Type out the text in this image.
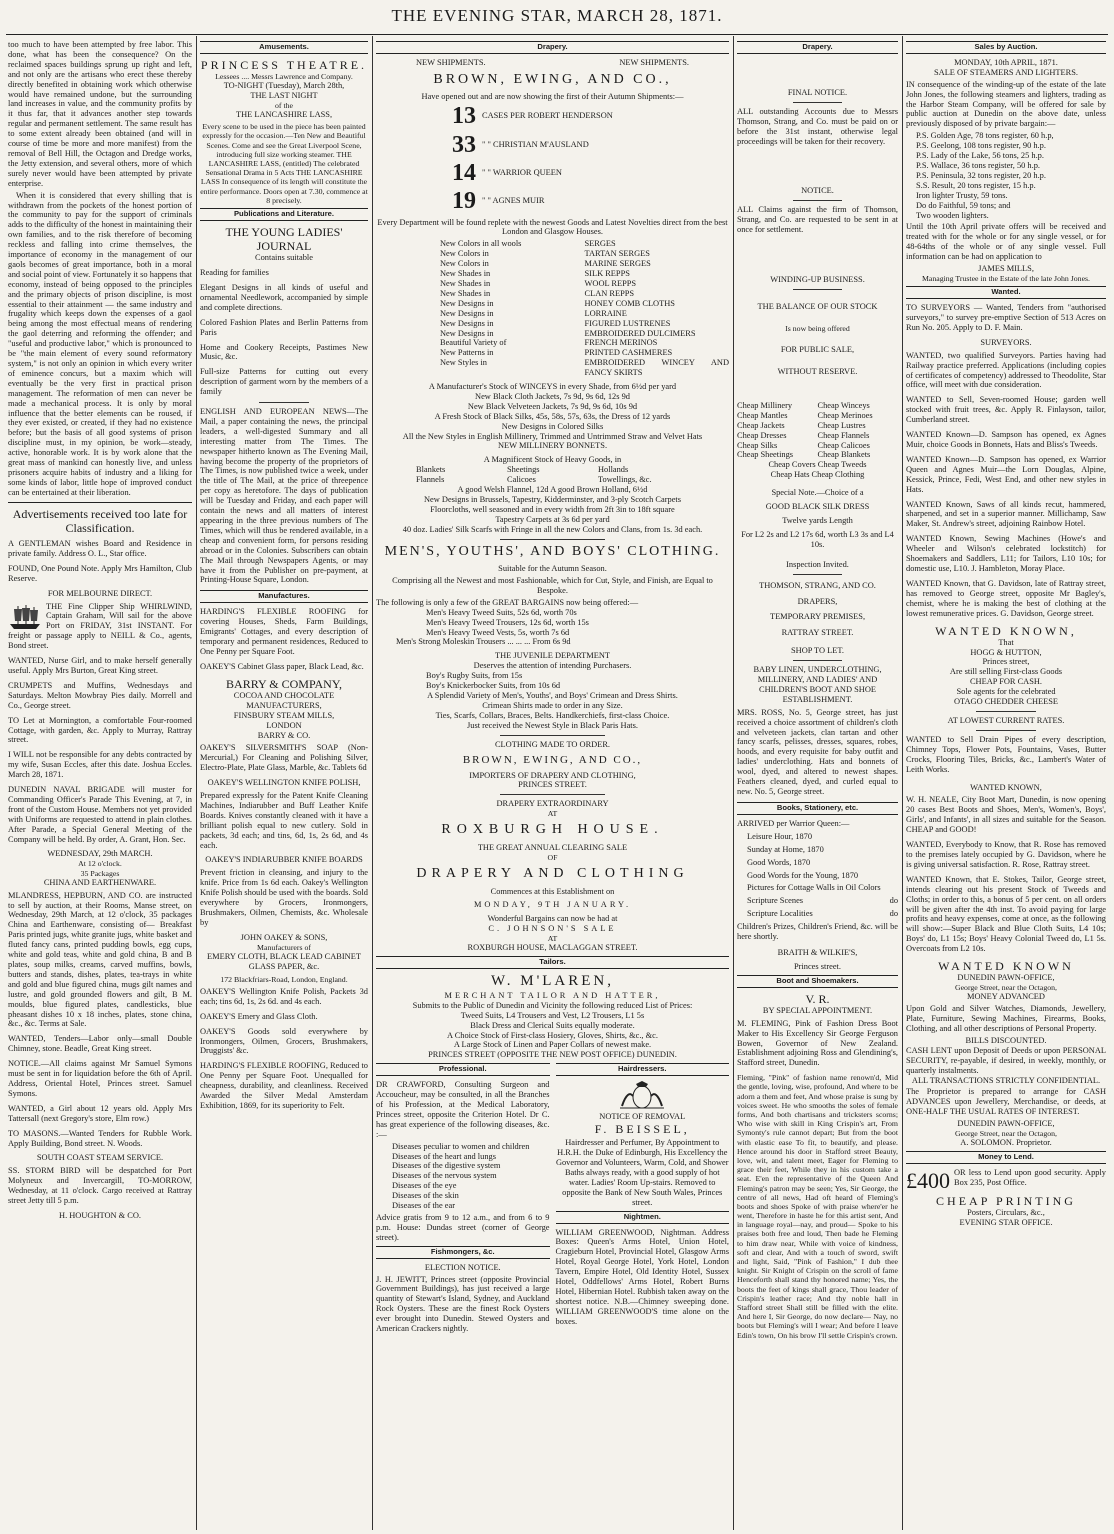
THE EVENING STAR, MARCH 28, 1871.

too much to have been attempted by free labor. This done, what has been the consequence? On the reclaimed spaces buildings sprung up right and left, and not only are the artisans who erect these thereby directly benefited in obtaining work which otherwise would have remained undone, but the surrounding land increases in value, and the community profits by it thus far, that it advances another step towards regular and permanent settlement. The same result has to some extent already been obtained (and will in course of time be more and more manifest) from the removal of Bell Hill, the Octagon and Dredge works, the Jetty extension, and several others, more of which surely never would have been attempted by private enterprise.

When it is considered that every shilling that is withdrawn from the pockets of the honest portion of the community to pay for the support of criminals adds to the difficulty of the honest in maintaining their own families, and to the risk therefore of becoming reckless and falling into crime themselves, the importance of economy in the management of our gaols becomes of great importance, both in a moral and social point of view. Fortunately it so happens that economy, instead of being opposed to the principles and the primary objects of prison discipline, is most essential to their attainment — the same industry and frugality which keeps down the expenses of a gaol being among the most effectual means of rendering the gaol deterring and reforming the offender; and "useful and productive labor," which is pronounced to be "the main element of every sound reformatory system," is not only an opinion in which every writer of eminence concurs, but a maxim which will eventually be the very first in practical prison management. The reformation of men can never be made a mechanical process. It is only by moral influence that the better elements can be roused, if they ever existed, or created, if they had no existence before; but the basis of all good systems of prison discipline must, in my opinion, be work—steady, active, honorable work. It is by work alone that the great mass of mankind can honestly live, and unless prisoners acquire habits of industry and a liking for some kinds of labor, little hope of improved conduct can be entertained at their liberation.

Advertisements received too late for Classification.

A GENTLEMAN wishes Board and Residence in private family. Address O. L., Star office.

FOUND, One Pound Note. Apply Mrs Hamilton, Club Reserve.

FOR MELBOURNE DIRECT.
THE Fine Clipper Ship WHIRLWIND, Captain Graham, Will sail for the above Port on FRIDAY, 31st INSTANT. For freight or passage apply to NEILL & Co., agents, Bond street.

WANTED, Nurse Girl, and to make herself generally useful. Apply Mrs Burton, Great King street.

CRUMPETS and Muffins, Wednesdays and Saturdays. Melton Mowbray Pies daily. Morrell and Co., George street.

TO Let at Mornington, a comfortable Four-roomed Cottage, with garden, &c. Apply to Murray, Rattray street.

I WILL not be responsible for any debts contracted by my wife, Susan Eccles, after this date. Joshua Eccles. March 28, 1871.

DUNEDIN NAVAL BRIGADE will muster for Commanding Officer's Parade This Evening, at 7, in front of the Custom House. Members not yet provided with Uniforms are requested to attend in plain clothes. After Parade, a Special General Meeting of the Company will be held. By order, A. Grant, Hon. Sec.

WEDNESDAY, 29th MARCH.
At 12 o'clock.
35 Packages
CHINA AND EARTHENWARE.

MLANDRESS, HEPBURN, AND CO. are instructed to sell by auction, at their Rooms, Manse street, on Wednesday, 29th March, at 12 o'clock, 35 packages China and Earthenware, consisting of— Breakfast Paris printed jugs, white granite jugs, white basket and fluted fancy cans, printed pudding bowls, egg cups, white and gold teas, white and gold china, B and B plates, soup milks, creams, carved muffins, bowls, butters and stands, dishes, plates, tea-trays in white and gold and blue figured china, mugs gilt names and lustre, and gold grounded flowers and gilt, B M. moulds, blue figured plates, candlesticks, blue pheasant dishes 10 x 18 inches, plates, stone china, &c., &c. Terms at Sale.

WANTED, Tenders—Labor only—small Double Chimney, stone. Beadle, Great King street.

NOTICE.—All claims against Mr Samuel Symons must be sent in for liquidation before the 6th of April. Address, Oriental Hotel, Princes street. Samuel Symons.

WANTED, a Girl about 12 years old. Apply Mrs Tattersall (next Gregory's store, Elm row.)

TO MASONS.—Wanted Tenders for Rubble Work. Apply Building, Bond street. N. Woods.

SOUTH COAST STEAM SERVICE.

SS. STORM BIRD will be despatched for Port Molyneux and Invercargill, TO-MORROW, Wednesday, at 11 o'clock. Cargo received at Rattray street Jetty till 5 p.m.

H. HOUGHTON & CO.
Amusements.
PRINCESS THEATRE.
Lessees .... Messrs Lawrence and Company.
TO-NIGHT (Tuesday), March 28th,
THE LAST NIGHT
of the
THE LANCASHIRE LASS,

Every scene to be used in the piece has been painted expressly for the occasion.—Ten New and Beautiful Scenes. Come and see the Great Liverpool Scene, introducing full size working steamer. THE LANCASHIRE LASS, (entitled) The celebrated Sensational Drama in 5 Acts THE LANCASHIRE LASS In consequence of its length will constitute the entire performance. Doors open at 7.30, commence at 8 precisely.

Publications and Literature.
THE YOUNG LADIES' JOURNAL
Contains suitable

Reading for families

Elegant Designs in all kinds of useful and ornamental Needlework, accompanied by simple and complete directions.

Colored Fashion Plates and Berlin Patterns from Paris

Home and Cookery Receipts, Pastimes New Music, &c.

Full-size Patterns for cutting out every description of garment worn by the members of a family

ENGLISH AND EUROPEAN NEWS—The Mail, a paper containing the news, the principal leaders, a well-digested Summary and all interesting matter from The Times. The newspaper hitherto known as The Evening Mail, having become the property of the proprietors of The Times, is now published twice a week, under the title of The Mail, at the price of threepence per copy as heretofore. The days of publication will be Tuesday and Friday, and each paper will contain the news and all matters of interest appearing in the three previous numbers of The Times, which will thus be rendered available, in a cheap and convenient form, for persons residing abroad or in the Colonies. Subscribers can obtain The Mail through Newspapers Agents, or may have it from the Publisher on pre-payment, at Printing-House Square, London.

Manufactures.

HARDING'S FLEXIBLE ROOFING for covering Houses, Sheds, Farm Buildings, Emigrants' Cottages, and every description of temporary and permanent residences, Reduced to One Penny per Square Foot.

OAKEY'S Cabinet Glass paper, Black Lead, &c.

BARRY & COMPANY,
COCOA AND CHOCOLATE
MANUFACTURERS,
FINSBURY STEAM MILLS,
LONDON
BARRY & CO.

OAKEY'S SILVERSMITH'S SOAP (Non-Mercurial,) For Cleaning and Polishing Silver, Electro-Plate, Plate Glass, Marble, &c. Tablets 6d

OAKEY'S WELLINGTON KNIFE POLISH,

Prepared expressly for the Patent Knife Cleaning Machines, Indiarubber and Buff Leather Knife Boards. Knives constantly cleaned with it have a brilliant polish equal to new cutlery. Sold in packets, 3d each; and tins, 6d, 1s, 2s 6d, and 4s each.

OAKEY'S INDIARUBBER KNIFE BOARDS

Prevent friction in cleansing, and injury to the knife. Price from 1s 6d each. Oakey's Wellington Knife Polish should be used with the boards. Sold everywhere by Grocers, Ironmongers, Brushmakers, Oilmen, Chemists, &c. Wholesale by

JOHN OAKEY & SONS,
Manufacturers of
EMERY CLOTH, BLACK LEAD CABINET GLASS PAPER, &c.
172 Blackfriars-Road, London, England.

OAKEY'S Wellington Knife Polish, Packets 3d each; tins 6d, 1s, 2s 6d. and 4s each.

OAKEY'S Emery and Glass Cloth.

OAKEY'S Goods sold everywhere by Ironmongers, Oilmen, Grocers, Brushmakers, Druggists' &c.

HARDING'S FLEXIBLE ROOFING, Reduced to One Penny per Square Foot. Unequalled for cheapness, durability, and cleanliness. Received Awarded the Silver Medal Amsterdam Exhibition, 1869, for its superiority to Felt.

Drapery.
NEW SHIPMENTS.	NEW SHIPMENTS.
BROWN, EWING, AND CO.,
Have opened out and are now showing the first of their Autumn Shipments:—
13 CASES PER ROBERT HENDERSON
33 " " CHRISTIAN M'AUSLAND
14 " " WARRIOR QUEEN
19 " " AGNES MUIR

Every Department will be found replete with the newest Goods and Latest Novelties direct from the best London and Glasgow Houses.

New Colors in all wools	SERGES
New Colors in	TARTAN SERGES
New Colors in	MARINE SERGES
New Shades in	SILK REPPS
New Shades in	WOOL REPPS
New Shades in	CLAN REPPS
New Designs in	HONEY COMB CLOTHS
New Designs in	LORRAINE
New Designs in	FIGURED LUSTRENES
New Designs in	EMBROIDERED DULCIMERS
Beautiful Variety of	FRENCH MERINOS
New Patterns in	PRINTED CASHMERES
New Styles in	EMBROIDERED WINCEY AND FANCY SKIRTS
A Manufacturer's Stock of WINCEYS in every Shade, from 6½d per yard
New Black Cloth Jackets, 7s 9d, 9s 6d, 12s 9d
New Black Velveteen Jackets, 7s 9d, 9s 6d, 10s 9d
A Fresh Stock of Black Silks, 45s, 58s, 57s, 63s, the Dress of 12 yards
New Designs in Colored Silks
All the New Styles in English Millinery, Trimmed and Untrimmed Straw and Velvet Hats
NEW MILLINERY BONNETS.
A Magnificent Stock of Heavy Goods, in
Blankets	Sheetings	Hollands
Flannels	Calicoes	Towellings, &c.
A good Welsh Flannel, 12d A good Brown Holland, 6½d
New Designs in Brussels, Tapestry, Kidderminster, and 3-ply Scotch Carpets
Floorcloths, well seasoned and in every width from 2ft 3in to 18ft square
Tapestry Carpets at 3s 6d per yard
40 doz. Ladies' Silk Scarfs with Fringe in all the new Colors and Clans, from 1s. 3d each.
MEN'S, YOUTHS', AND BOYS' CLOTHING.
Suitable for the Autumn Season.

Comprising all the Newest and most Fashionable, which for Cut, Style, and Finish, are Equal to Bespoke.

The following is only a few of the GREAT BARGAINS now being offered:—
Men's Heavy Tweed Suits, 52s 6d, worth 70s
Men's Heavy Tweed Trousers, 12s 6d, worth 15s
Men's Heavy Tweed Vests, 5s, worth 7s 6d
Men's Strong Moleskin Trousers ... ... ... From 6s 9d
THE JUVENILE DEPARTMENT
Deserves the attention of intending Purchasers.
Boy's Rugby Suits, from 15s
Boy's Knickerbocker Suits, from 10s 6d
A Splendid Variety of Men's, Youths', and Boys' Crimean and Dress Shirts.
Crimean Shirts made to order in any Size.
Ties, Scarfs, Collars, Braces, Belts. Handkerchiefs, first-class Choice.
Just received the Newest Style in Black Paris Hats.
CLOTHING MADE TO ORDER.
BROWN, EWING, AND CO.,
IMPORTERS OF DRAPERY AND CLOTHING,
PRINCES STREET.
DRAPERY EXTRAORDINARY
AT
ROXBURGH HOUSE.
THE GREAT ANNUAL CLEARING SALE
OF
DRAPERY AND CLOTHING
Commences at this Establishment on
MONDAY, 9TH JANUARY.
Wonderful Bargains can now be had at
C. JOHNSON'S SALE
AT
ROXBURGH HOUSE, MACLAGGAN STREET.
Tailors.
W. M'LAREN,
MERCHANT TAILOR AND HATTER,
Submits to the Public of Dunedin and Vicinity the following reduced List of Prices:
Tweed Suits, L4 Trousers and Vest, L2 Trousers, L1 5s
Black Dress and Clerical Suits equally moderate.
A Choice Stock of First-class Hosiery, Gloves, Shirts, &c., &c.
A Large Stock of Linen and Paper Collars of newest make.
PRINCES STREET (OPPOSITE THE NEW POST OFFICE) DUNEDIN.
Professional.

DR CRAWFORD, Consulting Surgeon and Accoucheur, may be consulted, in all the Branches of his Profession, at the Medical Laboratory, Princes street, opposite the Criterion Hotel. Dr C. has great experience of the following diseases, &c. :—

Diseases peculiar to women and children
Diseases of the heart and lungs
Diseases of the digestive system
Diseases of the nervous system
Diseases of the eye
Diseases of the skin
Diseases of the ear

Advice gratis from 9 to 12 a.m., and from 6 to 9 p.m. House: Dundas street (corner of George street).

Fishmongers, &c.
ELECTION NOTICE.

J. H. JEWITT, Princes street (opposite Provincial Government Buildings), has just received a large quantity of Stewart's Island, Sydney, and Auckland Rock Oysters. These are the finest Rock Oysters ever brought into Dunedin. Stewed Oysters and American Crackers nightly.

Hairdressers.
NOTICE OF REMOVAL
F. BEISSEL,

Hairdresser and Perfumer, By Appointment to H.R.H. the Duke of Edinburgh, His Excellency the Governor and Volunteers, Warm, Cold, and Shower Baths always ready, with a good supply of hot water. Ladies' Room Up-stairs. Removed to opposite the Bank of New South Wales, Princes street.

Nightmen.

WILLIAM GREENWOOD, Nightman. Address Boxes: Queen's Arms Hotel, Union Hotel, Cragieburn Hotel, Provincial Hotel, Glasgow Arms Hotel, Royal George Hotel, York Hotel, London Tavern, Empire Hotel, Old Identity Hotel, Sussex Hotel, Oddfellows' Arms Hotel, Robert Burns Hotel, Hibernian Hotel. Rubbish taken away on the shortest notice. N.B.—Chimney sweeping done. WILLIAM GREENWOOD'S time alone on the boxes.

Drapery.
FINAL NOTICE.

ALL outstanding Accounts due to Messrs Thomson, Strang, and Co. must be paid on or before the 31st instant, otherwise legal proceedings will be taken for their recovery.

NOTICE.

ALL Claims against the firm of Thomson, Strang, and Co. are requested to be sent in at once for settlement.

WINDING-UP BUSINESS.
THE BALANCE OF OUR STOCK
Is now being offered
FOR PUBLIC SALE,
WITHOUT RESERVE.
Cheap Millinery	Cheap Winceys
Cheap Mantles	Cheap Merinoes
Cheap Jackets	Cheap Lustres
Cheap Dresses	Cheap Flannels
Cheap Silks	Cheap Calicoes
Cheap Sheetings	Cheap Blankets
Cheap Covers Cheap Tweeds
Cheap Hats Cheap Clothing
Special Note.—Choice of a
GOOD BLACK SILK DRESS
Twelve yards Length
For L2 2s and L2 17s 6d, worth L3 3s and L4 10s.
Inspection Invited.
THOMSON, STRANG, AND CO.
DRAPERS,
TEMPORARY PREMISES,
RATTRAY STREET.
SHOP TO LET.
BABY LINEN, UNDERCLOTHING, MILLINERY, AND LADIES' AND CHILDREN'S BOOT AND SHOE ESTABLISHMENT.

MRS. ROSS, No. 5, George street, has just received a choice assortment of children's cloth and velveteen jackets, clan tartan and other fancy scarfs, pelisses, dresses, squares, robes, hoods, and every requisite for baby outfit and ladies' underclothing. Hats and bonnets of wool, dyed, and altered to newest shapes. Feathers cleaned, dyed, and curled equal to new. No. 5, George street.

Books, Stationery, etc.
ARRIVED per Warrior Queen:—
Leisure Hour, 1870
Sunday at Home, 1870
Good Words, 1870
Good Words for the Young, 1870
Pictures for Cottage Walls in Oil Colors
Scripture Scenes	do
Scripture Localities	do
Children's Prizes, Children's Friend, &c. will be here shortly.
BRAITH & WILKIE'S,
Princes street.
Boot and Shoemakers.
V. R.
BY SPECIAL APPOINTMENT.

M. FLEMING, Pink of Fashion Dress Boot Maker to His Excellency Sir George Ferguson Bowen, Governor of New Zealand. Establishment adjoining Ross and Glendining's, Stafford street, Dunedin.

Fleming, "Pink" of fashion name renown'd, Mid the gentle, loving, wise, profound, And where to be adorn a them and feet, And whose praise is sung by voices sweet. He who smooths the soles of female forms, And both chartisans and tricksters scorns; Who wise with skill in King Crispin's art, From Symonty's rule cannot depart; But from the boot with elastic ease To fit, to beautify, and please. Hence around his door in Stafford street Beauty, love, wit, and talent meet, Eager for Fleming to grace their feet, While they in his custom take a seat. E'en the representative of the Queen And Fleming's patron may be seen; Yes, Sir George, the centre of all news, Had oft heard of Fleming's boots and shoes Spoke of with praise where'er he went, Therefore in haste he for this artist sent, And in language royal—nay, and proud— Spoke to his praises both free and loud, Then bade he Fleming to him draw near, While with voice of kindness, soft and clear, And with a touch of sword, swift and light, Said, "Pink of Fashion," I dub thee knight. Sir Knight of Crispin on the scroll of fame Henceforth shall stand thy honored name; Yes, the boots the feet of kings shall grace, Thou leader of Crispin's leather race; And thy noble hall in Stafford street Shall still be filled with the elite. And here I, Sir George, do now declare— Nay, no boots but Fleming's will I wear; And before I leave Edin's town, On his brow I'll settle Crispin's crown.

Sales by Auction.
MONDAY, 10th APRIL, 1871.
SALE OF STEAMERS AND LIGHTERS.

IN consequence of the winding-up of the estate of the late John Jones, the following steamers and lighters, trading as the Harbor Steam Company, will be offered for sale by public auction at Dunedin on the above date, unless previously disposed of by private bargain:—

P.S. Golden Age, 78 tons register, 60 h.p,
P.S. Geelong, 108 tons register, 90 h.p.
P.S. Lady of the Lake, 56 tons, 25 h.p.
P.S. Wallace, 36 tons register, 50 h.p.
P.S. Peninsula, 32 tons register, 20 h.p.
S.S. Result, 20 tons register, 15 h.p.
Iron lighter Trusty, 59 tons.
Do do Faithful, 59 tons; and
Two wooden lighters.

Until the 10th April private offers will be received and treated with for the whole or for any single vessel, or for 48-64ths of the whole or of any single vessel. Full information can be had on application to

JAMES MILLS,
Managing Trustee in the Estate of the late John Jones.
Wanted.

TO SURVEYORS — Wanted, Tenders from "authorised surveyors," to survey pre-emptive Section of 513 Acres on Run No. 205. Apply to D. F. Main.

SURVEYORS.

WANTED, two qualified Surveyors. Parties having had Railway practice preferred. Applications (including copies of certificates of competency) addressed to Theodolite, Star office, will meet with due consideration.

WANTED to Sell, Seven-roomed House; garden well stocked with fruit trees, &c. Apply R. Finlayson, tailor, Cumberland street.

WANTED Known—D. Sampson has opened, ex Agnes Muir, choice Goods in Bonnets, Hats and Bliss's Tweeds.

WANTED Known—D. Sampson has opened, ex Warrior Queen and Agnes Muir—the Lorn Douglas, Alpine, Kessick, Prince, Fedi, West End, and other new styles in Hats.

WANTED Known, Saws of all kinds recut, hammered, sharpened, and set in a superior manner. Millichamp, Saw Maker, St. Andrew's street, adjoining Rainbow Hotel.

WANTED Known, Sewing Machines (Howe's and Wheeler and Wilson's celebrated lockstitch) for Shoemakers and Saddlers, L11; for Tailors, L10 10s; for domestic use, L10. J. Hambleton, Moray Place.

WANTED Known, that G. Davidson, late of Rattray street, has removed to George street, opposite Mr Bagley's, chemist, where he is making the best of clothing at the lowest remunerative prices. G. Davidson, George street.

WANTED KNOWN,
That
HOGG & HUTTON,
Princes street,
Are still selling First-class Goods
CHEAP FOR CASH.
Sole agents for the celebrated
OTAGO CHEDDER CHEESE
AT LOWEST CURRENT RATES.

WANTED to Sell Drain Pipes of every description, Chimney Tops, Flower Pots, Fountains, Vases, Butter Crocks, Flooring Tiles, Bricks, &c., Lambert's Water of Leith Works.

WANTED KNOWN,

W. H. NEALE, City Boot Mart, Dunedin, is now opening 20 cases Best Boots and Shoes, Men's, Women's, Boys', Girls', and Infants', in all sizes and suitable for the Season. CHEAP and GOOD!

WANTED, Everybody to Know, that R. Rose has removed to the premises lately occupied by G. Davidson, where he is giving universal satisfaction. R. Rose, Rattray street.

WANTED Known, that E. Stokes, Tailor, George street, intends clearing out his present Stock of Tweeds and Cloths; in order to this, a bonus of 5 per cent. on all orders will be given after the 4th inst. To avoid paying for large profits and heavy expenses, come at once, as the following will show:—Super Black and Blue Cloth Suits, L4 10s; Boys' do, L1 15s; Boys' Heavy Colonial Tweed do, L1 5s. Overcoats from L2 10s.

WANTED KNOWN
DUNEDIN PAWN-OFFICE,
George Street, near the Octagon,
MONEY ADVANCED

Upon Gold and Silver Watches, Diamonds, Jewellery, Plate, Furniture, Sewing Machines, Firearms, Books, Clothing, and all other descriptions of Personal Property.

BILLS DISCOUNTED.
CASH LENT upon Deposit of Deeds or upon PERSONAL SECURITY, re-payable, if desired, in weekly, monthly, or quarterly instalments.
ALL TRANSACTIONS STRICTLY CONFIDENTIAL.

The Proprietor is prepared to arrange for CASH ADVANCES upon Jewellery, Merchandise, or deeds, at ONE-HALF THE USUAL RATES OF INTEREST.

DUNEDIN PAWN-OFFICE,
George Street, near the Octagon,
A. SOLOMON. Proprietor.
Money to Lend.
£400 OR less to Lend upon good security. Apply Box 235, Post Office.
CHEAP PRINTING
Posters, Circulars, &c.,
EVENING STAR OFFICE.
